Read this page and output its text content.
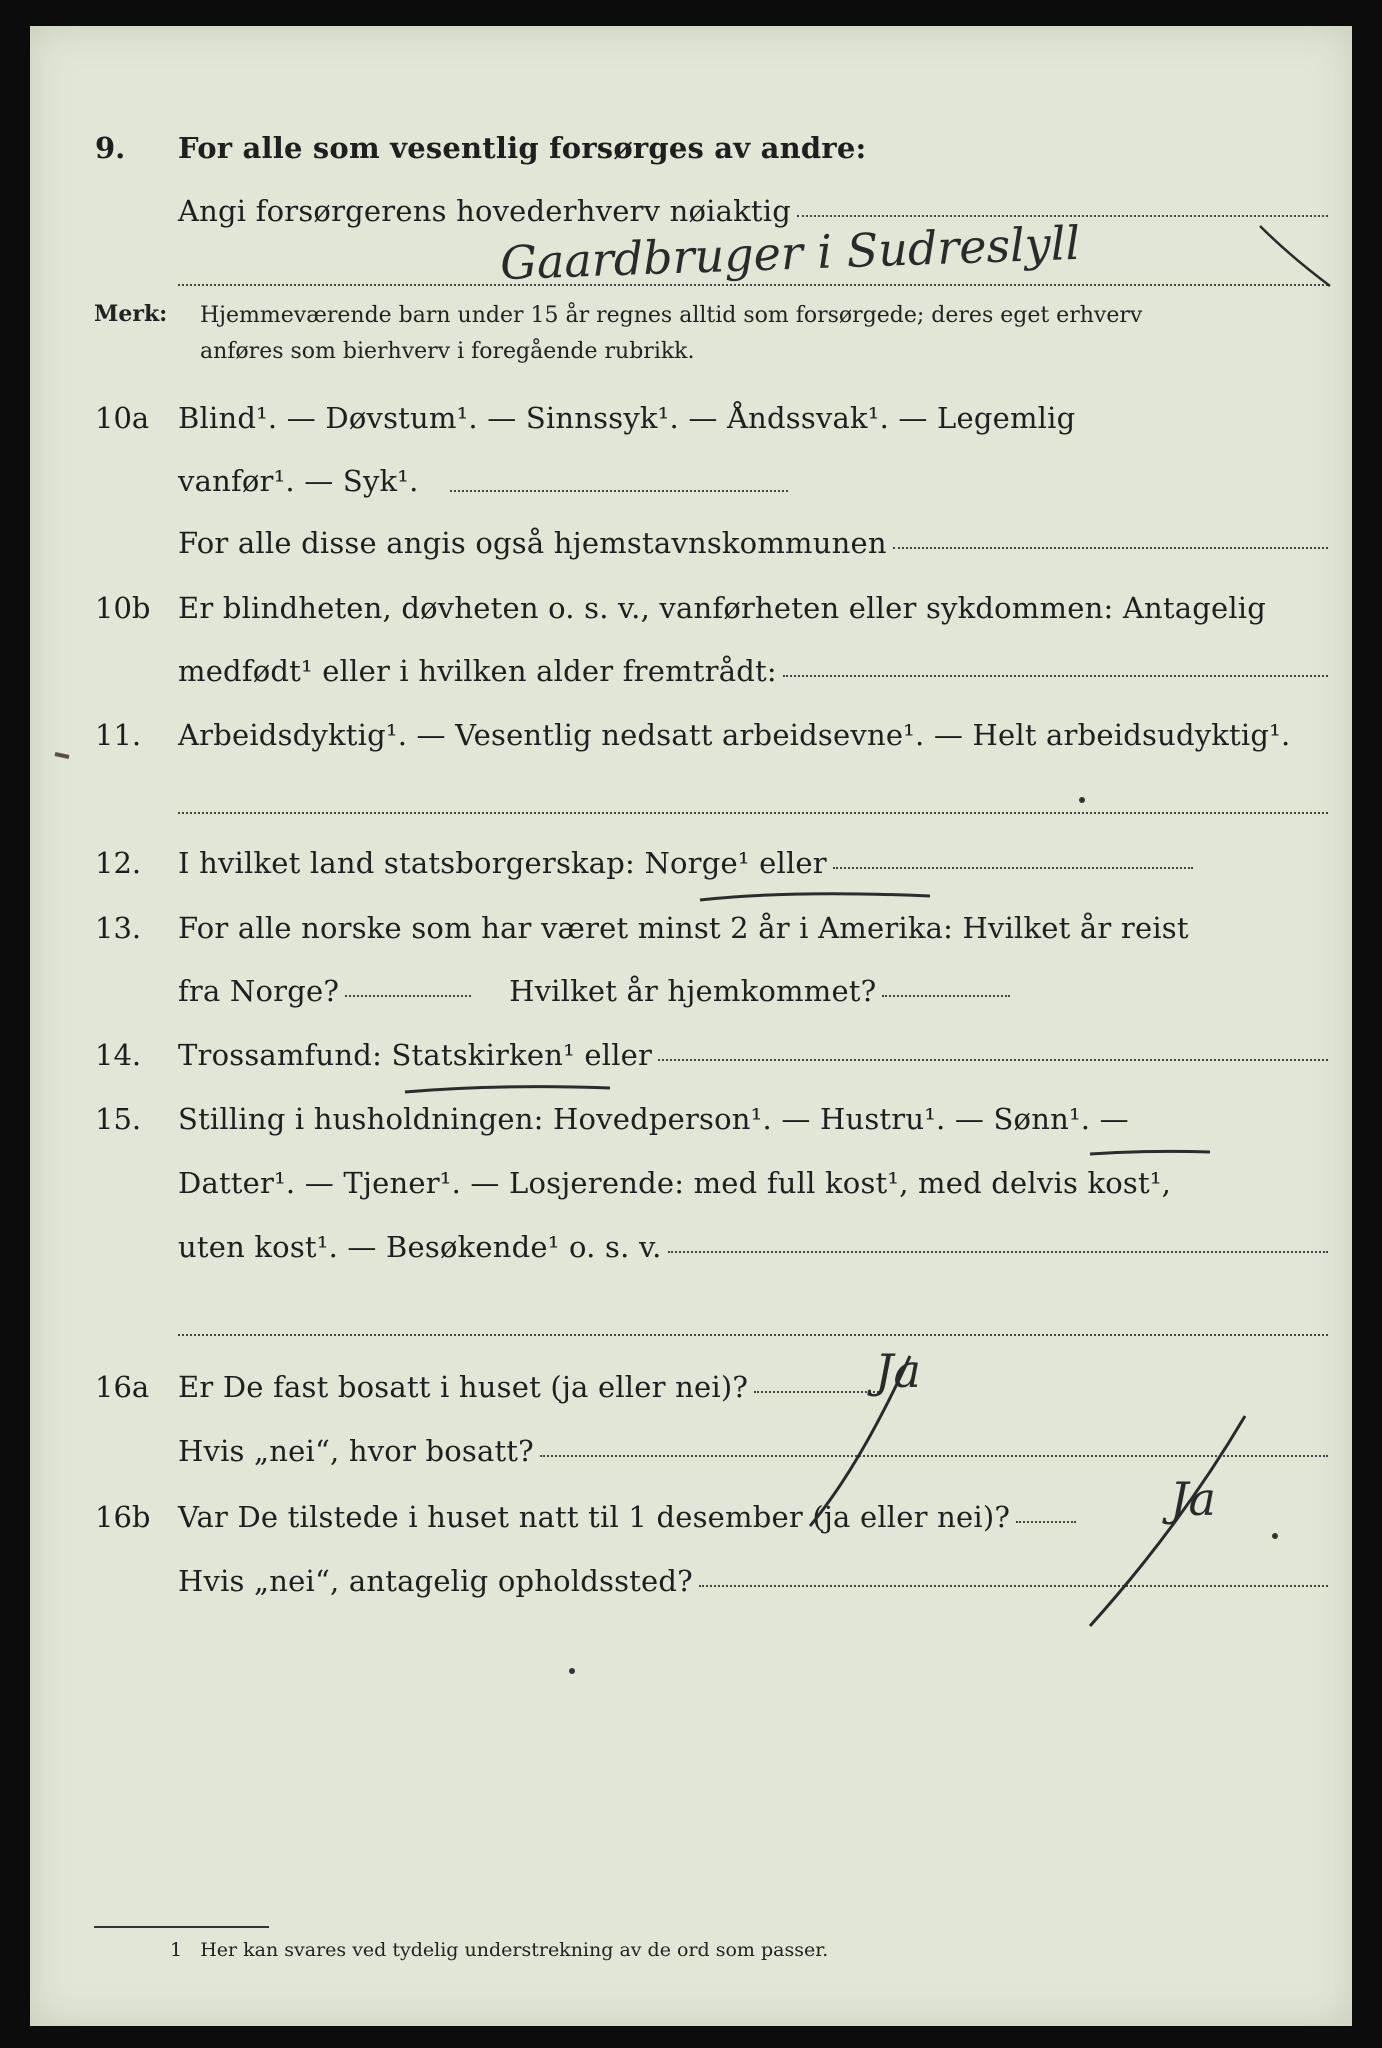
9. For alle som vesentlig forsørges av andre:
Angi forsørgerens hovederhverv nøiaktig
Gaardbruger i Sudreslyll
Merk: Hjemmeværende barn under 15 år regnes alltid som forsørgede; deres eget erhverv
anføres som bierhverv i foregående rubrikk.
10a Blind¹. — Døvstum¹. — Sinnssyk¹. — Åndssvak¹. — Legemlig
vanfør¹. — Syk¹.
For alle disse angis også hjemstavnskommunen
10b Er blindheten, døvheten o. s. v., vanførheten eller sykdommen: Antagelig
medfødt¹ eller i hvilken alder fremtrådt:
11. Arbeidsdyktig¹. — Vesentlig nedsatt arbeidsevne¹. — Helt arbeidsudyktig¹.
12. I hvilket land statsborgerskap: Norge¹ eller
13. For alle norske som har været minst 2 år i Amerika: Hvilket år reist
fra Norge?	Hvilket år hjemkommet?
14. Trossamfund: Statskirken¹ eller
15. Stilling i husholdningen: Hovedperson¹. — Hustru¹. — Sønn¹. —
Datter¹. — Tjener¹. — Losjerende: med full kost¹, med delvis kost¹,
uten kost¹. — Besøkende¹ o. s. v.
16a Er De fast bosatt i huset (ja eller nei)?	Ja
Hvis „nei“, hvor bosatt?
16b Var De tilstede i huset natt til 1 desember (ja eller nei)?	Ja
Hvis „nei“, antagelig opholdssted?
1 Her kan svares ved tydelig understrekning av de ord som passer.
